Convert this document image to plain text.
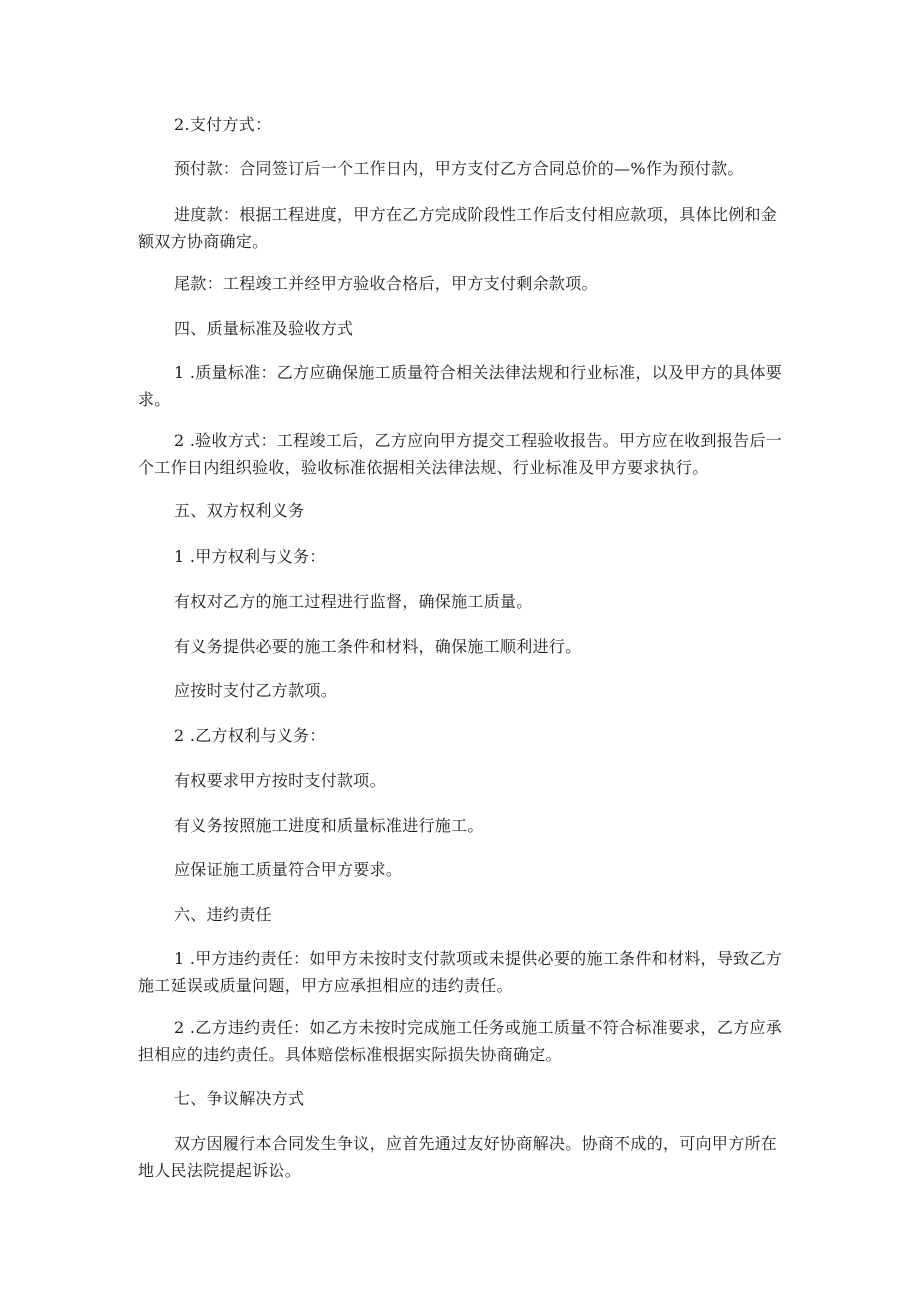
2.支付方式：

预付款：合同签订后一个工作日内，甲方支付乙方合同总价的—%作为预付款。

进度款：根据工程进度，甲方在乙方完成阶段性工作后支付相应款项，具体比例和金额双方协商确定。

尾款：工程竣工并经甲方验收合格后，甲方支付剩余款项。

四、质量标准及验收方式

1 .质量标准：乙方应确保施工质量符合相关法律法规和行业标准，以及甲方的具体要求。

2 .验收方式：工程竣工后，乙方应向甲方提交工程验收报告。甲方应在收到报告后一个工作日内组织验收，验收标准依据相关法律法规、行业标准及甲方要求执行。

五、双方权利义务

1 .甲方权利与义务：

有权对乙方的施工过程进行监督，确保施工质量。

有义务提供必要的施工条件和材料，确保施工顺利进行。

应按时支付乙方款项。

2 .乙方权利与义务：

有权要求甲方按时支付款项。

有义务按照施工进度和质量标准进行施工。

应保证施工质量符合甲方要求。

六、违约责任

1 .甲方违约责任：如甲方未按时支付款项或未提供必要的施工条件和材料，导致乙方施工延误或质量问题，甲方应承担相应的违约责任。

2 .乙方违约责任：如乙方未按时完成施工任务或施工质量不符合标准要求，乙方应承担相应的违约责任。具体赔偿标准根据实际损失协商确定。

七、争议解决方式

双方因履行本合同发生争议，应首先通过友好协商解决。协商不成的，可向甲方所在地人民法院提起诉讼。
